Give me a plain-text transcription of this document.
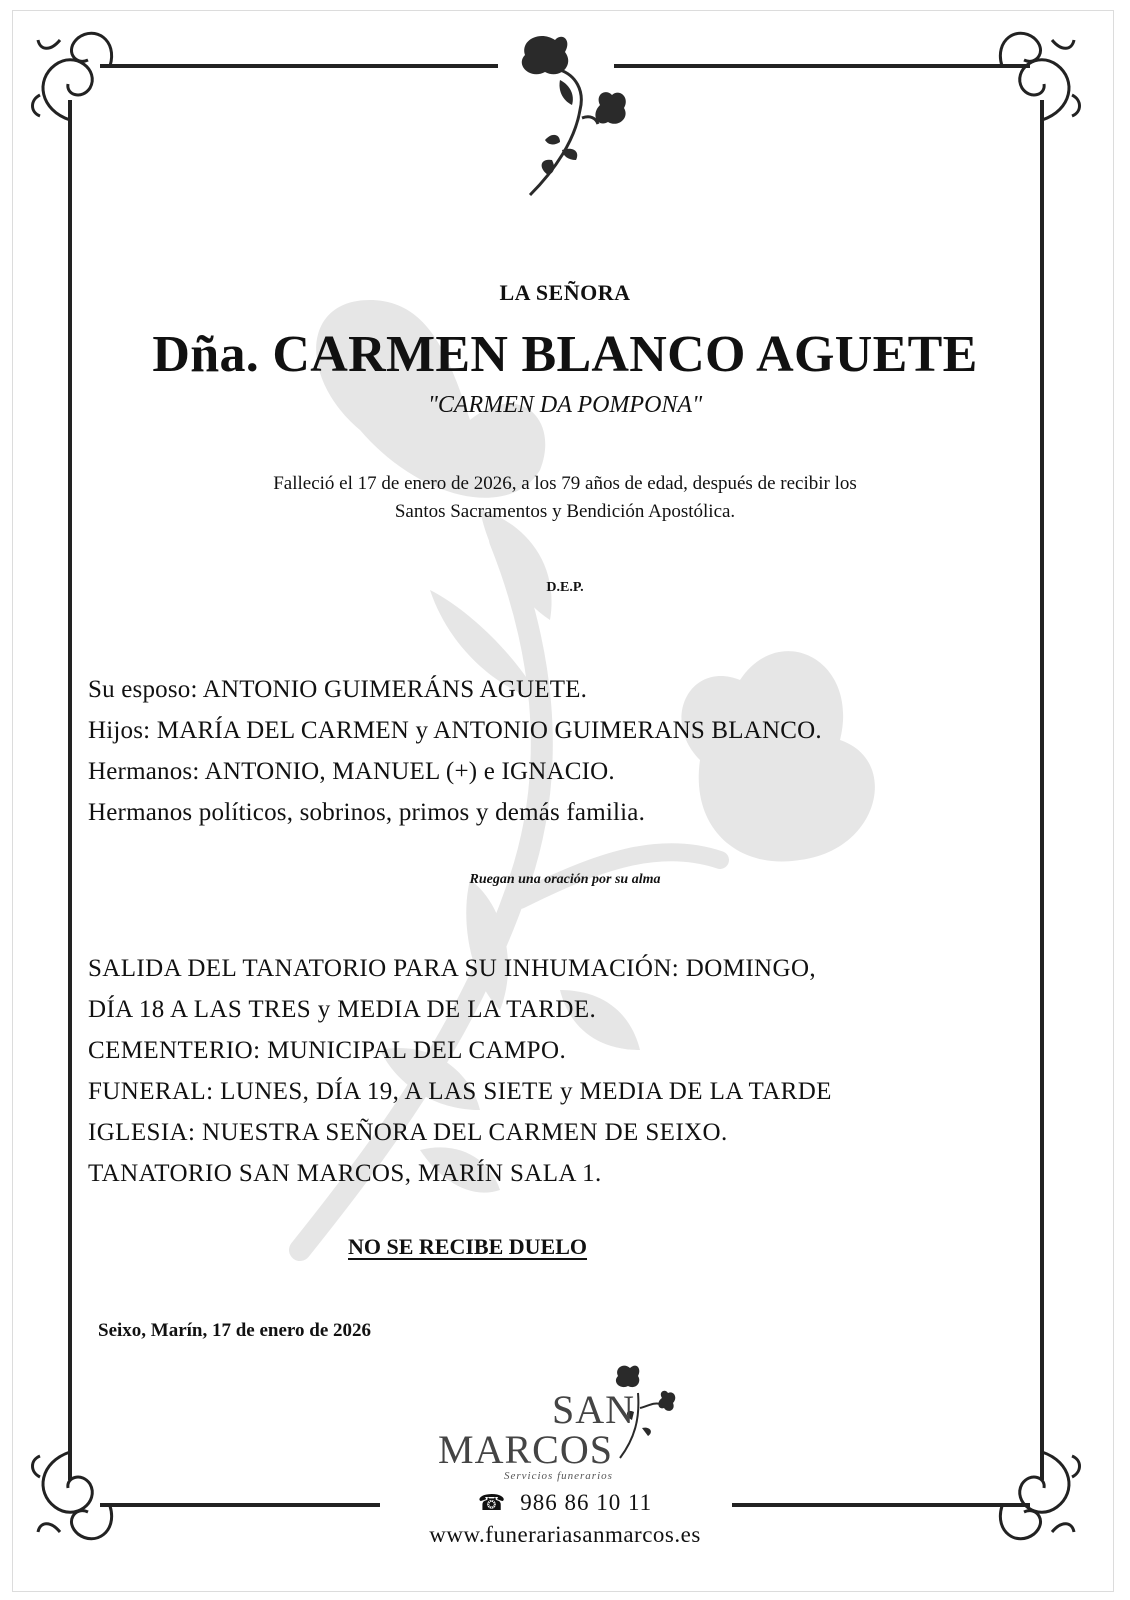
LA SEÑORA

Dña. CARMEN BLANCO AGUETE

"CARMEN DA POMPONA"

Falleció el 17 de enero de 2026, a los 79 años de edad, después de recibir los
Santos Sacramentos y Bendición Apostólica.

D.E.P.

Su esposo: ANTONIO GUIMERÁNS AGUETE.
Hijos: MARÍA DEL CARMEN y ANTONIO GUIMERANS BLANCO.
Hermanos: ANTONIO, MANUEL (+) e IGNACIO.
Hermanos políticos, sobrinos, primos y demás familia.

Ruegan una oración por su alma

SALIDA DEL TANATORIO PARA SU INHUMACIÓN: DOMINGO,
DÍA 18 A LAS TRES y MEDIA DE LA TARDE.
CEMENTERIO: MUNICIPAL DEL CAMPO.
FUNERAL: LUNES, DÍA 19, A LAS SIETE y MEDIA DE LA TARDE
IGLESIA: NUESTRA SEÑORA DEL CARMEN DE SEIXO.
TANATORIO SAN MARCOS, MARÍN SALA 1.

NO SE RECIBE DUELO

Seixo, Marín, 17 de enero de 2026

SAN
MARCOS
Servicios funerarios
☎ 986 86 10 11
www.funerariasanmarcos.es
